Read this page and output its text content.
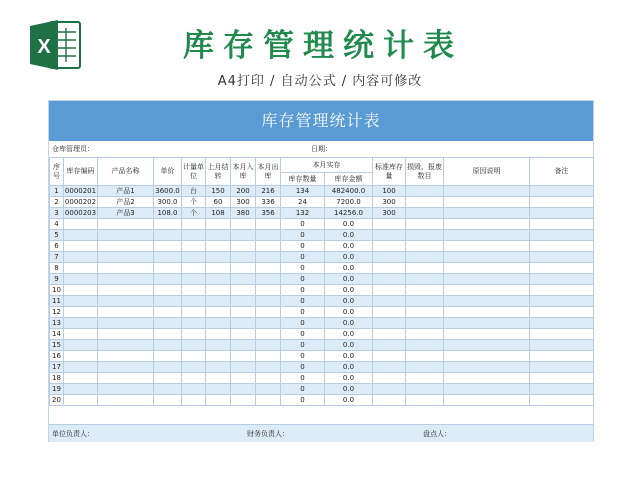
X	库存管理统计表
A4打印 / 自动公式 / 内容可修改
库存管理统计表
仓库管理员：	日期：
序号	库存编码	产品名称	单价	计量单位	上月结转	本月入库	本月出库	本月实存		标准库存量	损毁、报废数目	原因说明	备注
								库存数量	库存金额				
1	0000201	产品1	3600.0	台	150	200	216	134	482400.0	100			
2	0000202	产品2	300.0	个	60	300	336	24	7200.0	300			
3	0000203	产品3	108.0	个	108	380	356	132	14256.0	300			
4								0	0.0				
5								0	0.0				
6								0	0.0				
7								0	0.0				
8								0	0.0				
9								0	0.0				
10								0	0.0				
11								0	0.0				
12								0	0.0				
13								0	0.0				
14								0	0.0				
15								0	0.0				
16								0	0.0				
17								0	0.0				
18								0	0.0				
19								0	0.0				
20								0	0.0				
单位负责人：	财务负责人：	盘点人：
